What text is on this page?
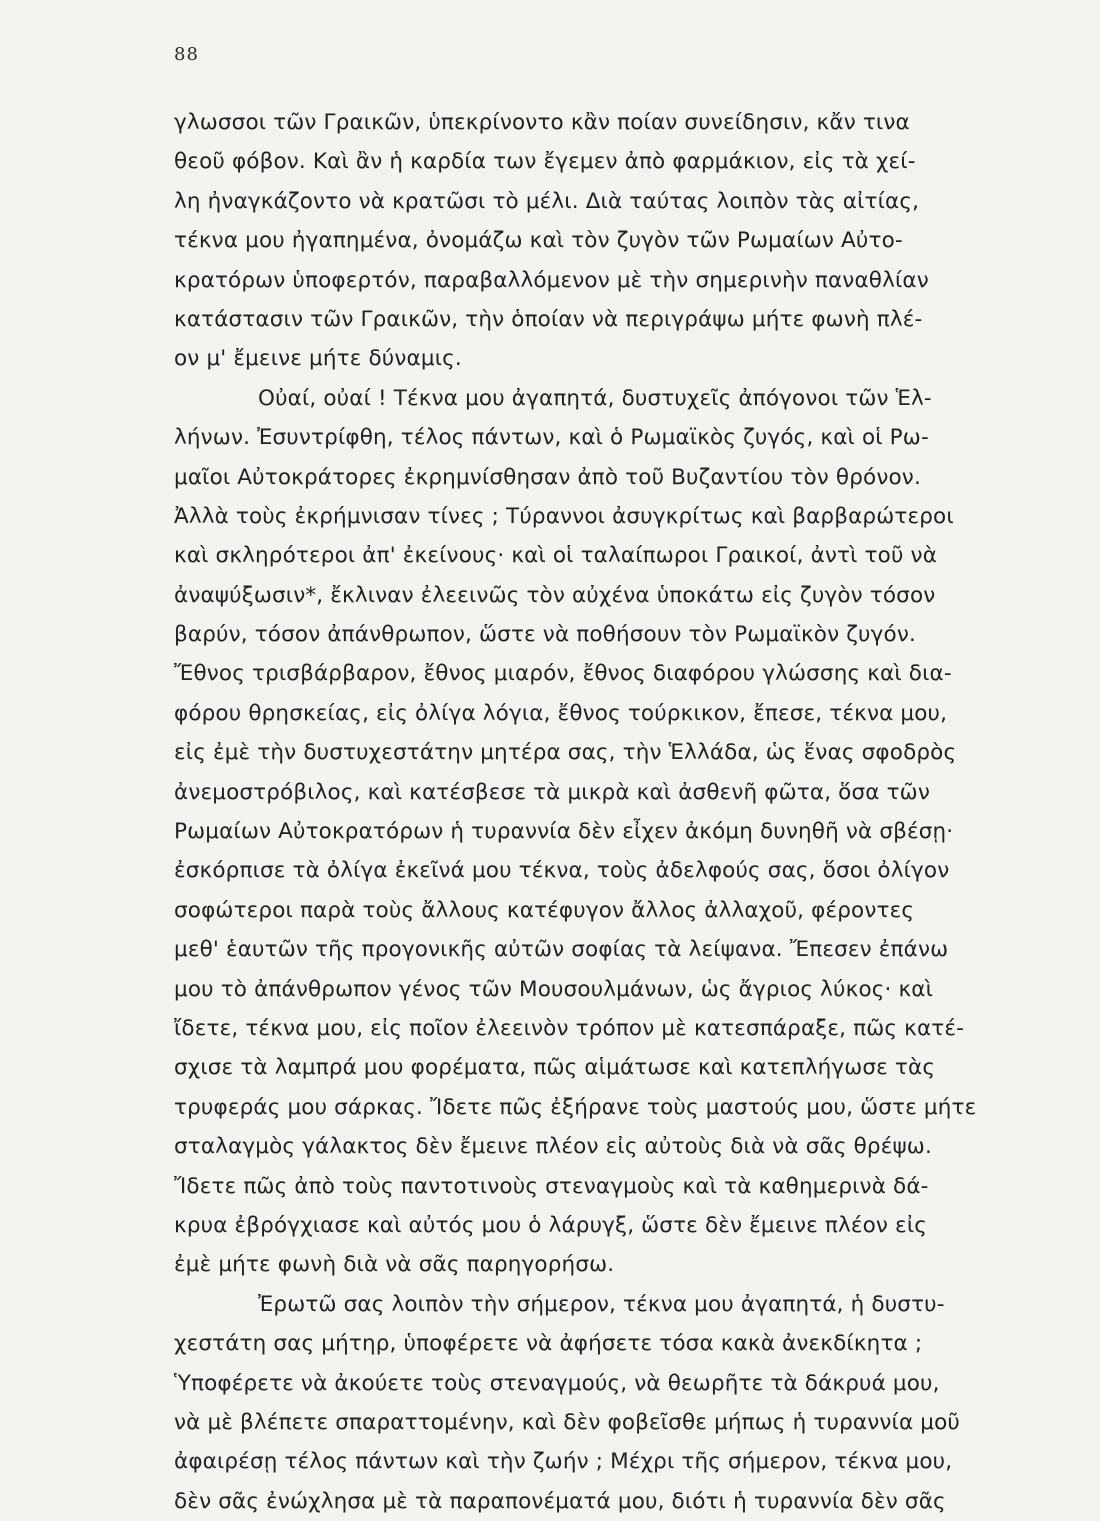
88
γλωσσοι τῶν Γραικῶν, ὑπεκρίνοντο κἂν ποίαν συνείδησιν, κἄν τινα
θεοῦ φόβον. Καὶ ἂν ἡ καρδία των ἔγεμεν ἀπὸ φαρμάκιον, εἰς τὰ χεί-
λη ἠναγκάζοντο νὰ κρατῶσι τὸ μέλι. Διὰ ταύτας λοιπὸν τὰς αἰτίας,
τέκνα μου ἠγαπημένα, ὀνομάζω καὶ τὸν ζυγὸν τῶν Ρωμαίων Αὐτο-
κρατόρων ὑποφερτόν, παραβαλλόμενον μὲ τὴν σημερινὴν παναθλίαν
κατάστασιν τῶν Γραικῶν, τὴν ὁποίαν νὰ περιγράψω μήτε φωνὴ πλέ-
ον μ' ἔμεινε μήτε δύναμις.
Οὐαί, οὐαί ! Τέκνα μου ἀγαπητά, δυστυχεῖς ἀπόγονοι τῶν Ἑλ-
λήνων. Ἐσυντρίφθη, τέλος πάντων, καὶ ὁ Ρωμαϊκὸς ζυγός, καὶ οἱ Ρω-
μαῖοι Αὐτοκράτορες ἐκρημνίσθησαν ἀπὸ τοῦ Βυζαντίου τὸν θρόνον.
Ἀλλὰ τοὺς ἐκρήμνισαν τίνες ; Τύραννοι ἀσυγκρίτως καὶ βαρβαρώτεροι
καὶ σκληρότεροι ἀπ' ἐκείνους· καὶ οἱ ταλαίπωροι Γραικοί, ἀντὶ τοῦ νὰ
ἀναψύξωσιν*, ἔκλιναν ἐλεεινῶς τὸν αὐχένα ὑποκάτω εἰς ζυγὸν τόσον
βαρύν, τόσον ἀπάνθρωπον, ὥστε νὰ ποθήσουν τὸν Ρωμαϊκὸν ζυγόν.
Ἔθνος τρισβάρβαρον, ἔθνος μιαρόν, ἔθνος διαφόρου γλώσσης καὶ δια-
φόρου θρησκείας, εἰς ὀλίγα λόγια, ἔθνος τούρκικον, ἔπεσε, τέκνα μου,
εἰς ἐμὲ τὴν δυστυχεστάτην μητέρα σας, τὴν Ἑλλάδα, ὡς ἕνας σφοδρὸς
ἀνεμοστρόβιλος, καὶ κατέσβεσε τὰ μικρὰ καὶ ἀσθενῆ φῶτα, ὅσα τῶν
Ρωμαίων Αὐτοκρατόρων ἡ τυραννία δὲν εἶχεν ἀκόμη δυνηθῆ νὰ σβέσῃ·
ἐσκόρπισε τὰ ὀλίγα ἐκεῖνά μου τέκνα, τοὺς ἀδελφούς σας, ὅσοι ὀλίγον
σοφώτεροι παρὰ τοὺς ἄλλους κατέφυγον ἄλλος ἀλλαχοῦ, φέροντες
μεθ' ἑαυτῶν τῆς προγονικῆς αὐτῶν σοφίας τὰ λείψανα. Ἔπεσεν ἐπάνω
μου τὸ ἀπάνθρωπον γένος τῶν Μουσουλμάνων, ὡς ἄγριος λύκος· καὶ
ἴδετε, τέκνα μου, εἰς ποῖον ἐλεεινὸν τρόπον μὲ κατεσπάραξε, πῶς κατέ-
σχισε τὰ λαμπρά μου φορέματα, πῶς αἱμάτωσε καὶ κατεπλήγωσε τὰς
τρυφεράς μου σάρκας. Ἴδετε πῶς ἐξήρανε τοὺς μαστούς μου, ὥστε μήτε
σταλαγμὸς γάλακτος δὲν ἔμεινε πλέον εἰς αὐτοὺς διὰ νὰ σᾶς θρέψω.
Ἴδετε πῶς ἀπὸ τοὺς παντοτινοὺς στεναγμοὺς καὶ τὰ καθημερινὰ δά-
κρυα ἐβρόγχιασε καὶ αὐτός μου ὁ λάρυγξ, ὥστε δὲν ἔμεινε πλέον εἰς
ἐμὲ μήτε φωνὴ διὰ νὰ σᾶς παρηγορήσω.
Ἐρωτῶ σας λοιπὸν τὴν σήμερον, τέκνα μου ἀγαπητά, ἡ δυστυ-
χεστάτη σας μήτηρ, ὑποφέρετε νὰ ἀφήσετε τόσα κακὰ ἀνεκδίκητα ;
Ὑποφέρετε νὰ ἀκούετε τοὺς στεναγμούς, νὰ θεωρῆτε τὰ δάκρυά μου,
νὰ μὲ βλέπετε σπαραττομένην, καὶ δὲν φοβεῖσθε μήπως ἡ τυραννία μοῦ
ἀφαιρέσῃ τέλος πάντων καὶ τὴν ζωήν ; Μέχρι τῆς σήμερον, τέκνα μου,
δὲν σᾶς ἐνώχλησα μὲ τὰ παραπονέματά μου, διότι ἡ τυραννία δὲν σᾶς
